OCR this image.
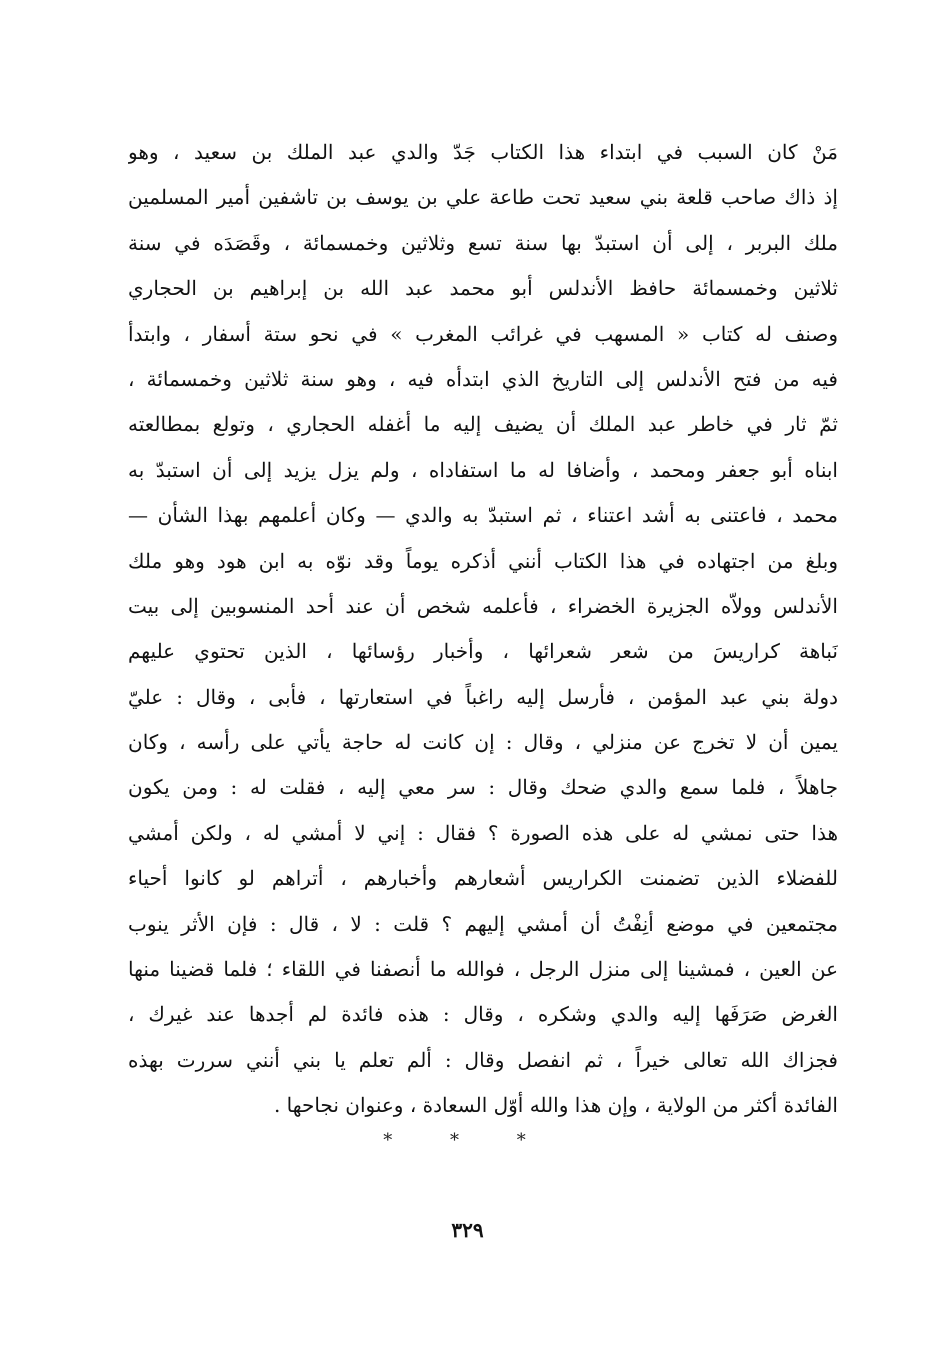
مَنْ كان السبب في ابتداء هذا الكتاب جَدّ والدي عبد الملك بن سعيد ، وهو
إذ ذاك صاحب قلعة بني سعيد تحت طاعة علي بن يوسف بن تاشفين أمير المسلمين
ملك البربر ، إلى أن استبدّ بها سنة تسع وثلاثين وخمسمائة ، وقَصَدَه في سنة
ثلاثين وخمسمائة حافظ الأندلس أبو محمد عبد الله بن إبراهيم بن الحجاري
وصنف له كتاب « المسهب في غرائب المغرب » في نحو ستة أسفار ، وابتدأ
فيه من فتح الأندلس إلى التاريخ الذي ابتدأه فيه ، وهو سنة ثلاثين وخمسمائة ،
ثمّ ثار في خاطر عبد الملك أن يضيف إليه ما أغفله الحجاري ، وتولع بمطالعته
ابناه أبو جعفر ومحمد ، وأضافا له ما استفاداه ، ولم يزل يزيد إلى أن استبدّ به
محمد ، فاعتنى به أشد اعتناء ، ثم استبدّ به والدي — وكان أعلمهم بهذا الشأن —
وبلغ من اجتهاده في هذا الكتاب أنني أذكره يوماً وقد نوّه به ابن هود وهو ملك
الأندلس وولاّه الجزيرة الخضراء ، فأعلمه شخص أن عند أحد المنسوبين إلى بيت
نَباهة كراريسَ من شعر شعرائها ، وأخبار رؤسائها ، الذين تحتوي عليهم
دولة بني عبد المؤمن ، فأرسل إليه راغباً في استعارتها ، فأبى ، وقال : عليّ
يمين أن لا تخرج عن منزلي ، وقال : إن كانت له حاجة يأتي على رأسه ، وكان
جاهلاً ، فلما سمع والدي ضحك وقال : سر معي إليه ، فقلت له : ومن يكون
هذا حتى نمشي له على هذه الصورة ؟ فقال : إني لا أمشي له ، ولكن أمشي
للفضلاء الذين تضمنت الكراريس أشعارهم وأخبارهم ، أتراهم لو كانوا أحياء
مجتمعين في موضع أنِفْتُ أن أمشي إليهم ؟ قلت : لا ، قال : فإن الأثر ينوب
عن العين ، فمشينا إلى منزل الرجل ، فوالله ما أنصفنا في اللقاء ؛ فلما قضينا منها
الغرض صَرَفَها إليه والدي وشكره ، وقال : هذه فائدة لم أجدها عند غيرك ،
فجزاك الله تعالى خيراً ، ثم انفصل وقال : ألم تعلم يا بني أنني سررت بهذه
الفائدة أكثر من الولاية ، وإن هذا والله أوّل السعادة ، وعنوان نجاحها .
* * *
٣٢٩
